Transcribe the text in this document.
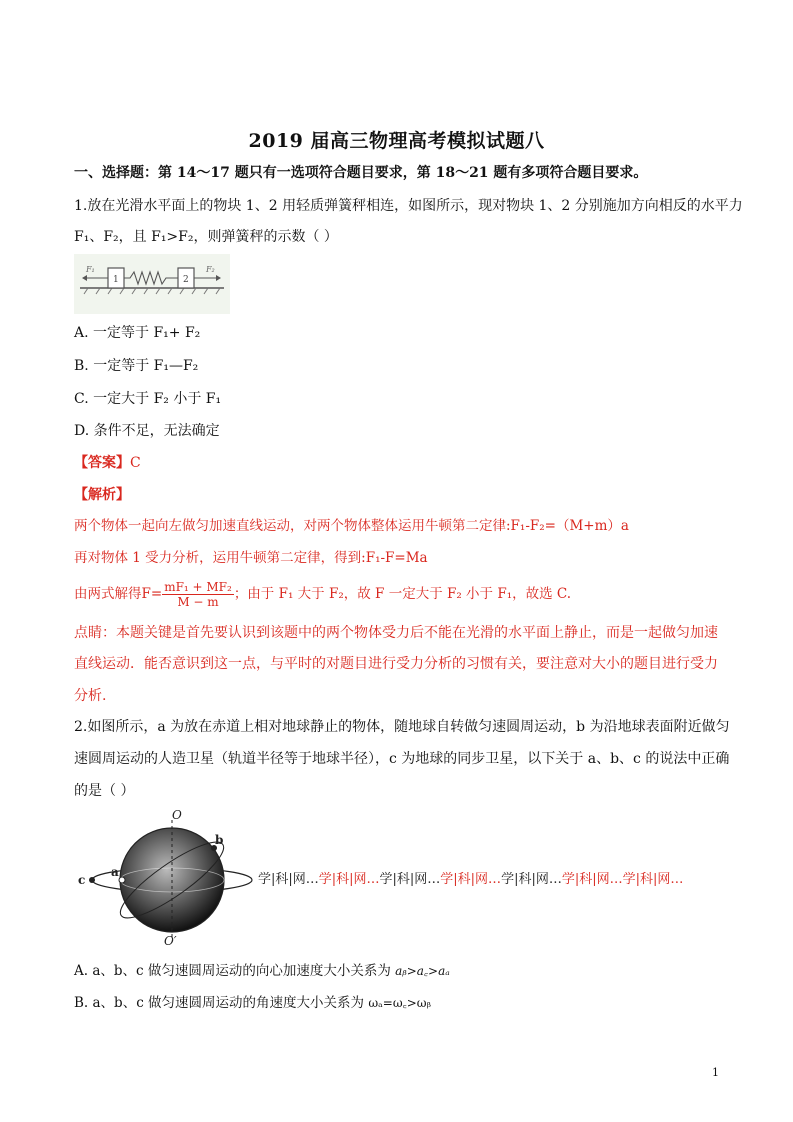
2019 届高三物理高考模拟试题八
一、选择题：第 14～17 题只有一选项符合题目要求，第 18～21 题有多项符合题目要求。
1.放在光滑水平面上的物块 1、2 用轻质弹簧秤相连，如图所示，现对物块 1、2 分别施加方向相反的水平力
F₁、F₂，且 F₁>F₂，则弹簧秤的示数（ ）
F₁
1	2
F₂
A. 一定等于 F₁+ F₂
B. 一定等于 F₁—F₂
C. 一定大于 F₂ 小于 F₁
D. 条件不足，无法确定
【答案】C
【解析】
两个物体一起向左做匀加速直线运动，对两个物体整体运用牛顿第二定律:F₁-F₂=（M+m）a
再对物体 1 受力分析，运用牛顿第二定律，得到:F₁-F=Ma
由两式解得$F= \frac{\text{mF₁ + MF₂}}{M - m}$ ；由于 F₁ 大于 F₂，故 F 一定大于 F₂ 小于 F₁，故选 C.
点睛：本题关键是首先要认识到该题中的两个物体受力后不能在光滑的水平面上静止，而是一起做匀加速
直线运动．能否意识到这一点，与平时的对题目进行受力分析的习惯有关，要注意对大小的题目进行受力
分析.
2.如图所示，a 为放在赤道上相对地球静止的物体，随地球自转做匀速圆周运动，b 为沿地球表面附近做匀
速圆周运动的人造卫星（轨道半径等于地球半径），c 为地球的同步卫星，以下关于 a、b、c 的说法中正确
的是（ ）
O
O′
a
b
c	学|科|网…学|科|网…学|科|网…学|科|网…学|科|网…学|科|网…学|科|网…
A. a、b、c 做匀速圆周运动的向心加速度大小关系为 aᵦ>a꜀>aₐ
B. a、b、c 做匀速圆周运动的角速度大小关系为 ωₐ=ω꜀>ωᵦ
1
